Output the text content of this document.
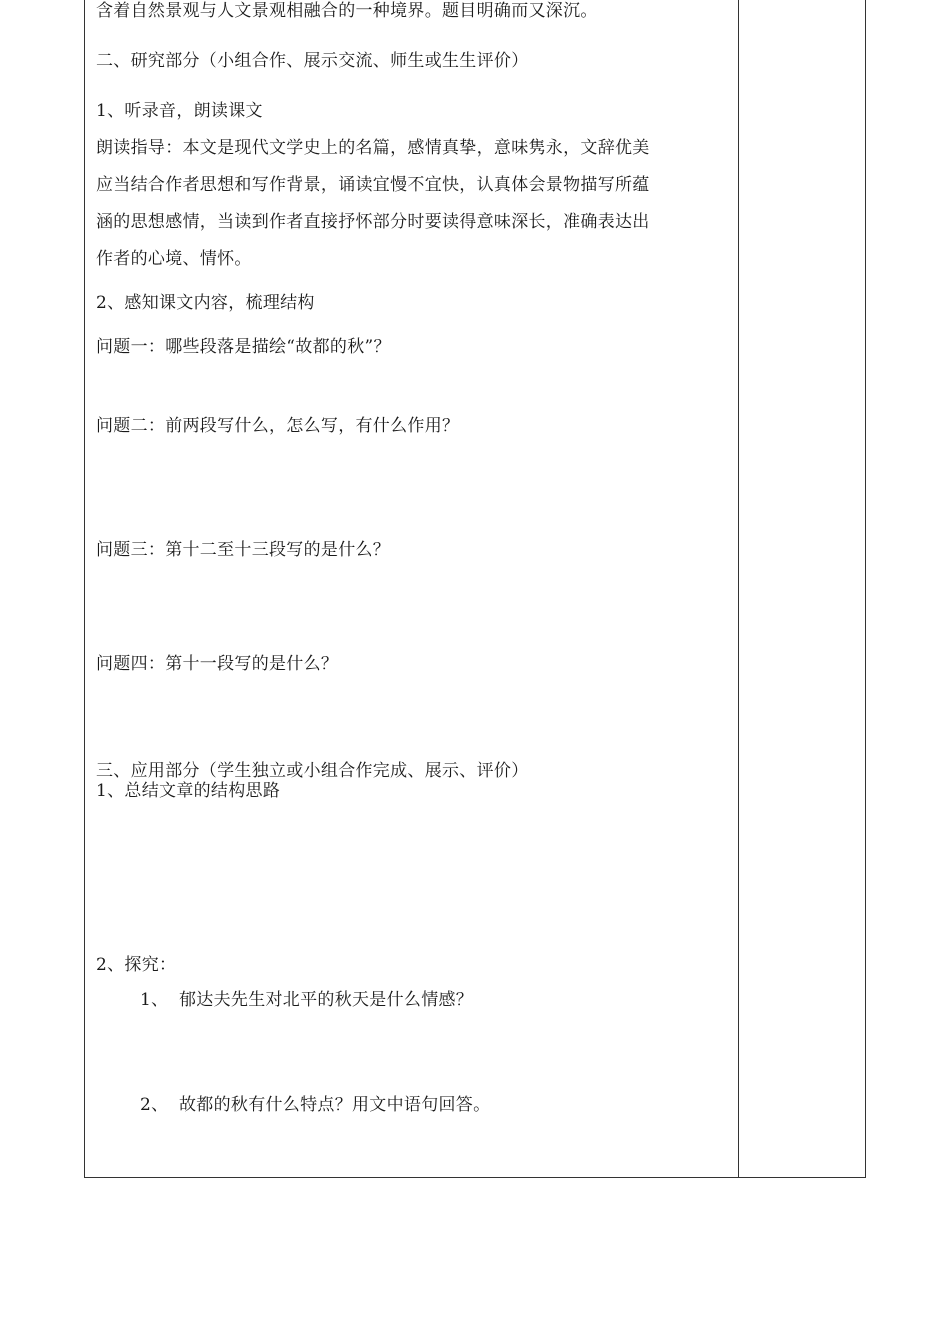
含着自然景观与人文景观相融合的一种境界。题目明确而又深沉。
二、研究部分（小组合作、展示交流、师生或生生评价）
1、听录音，朗读课文
朗读指导：本文是现代文学史上的名篇，感情真挚，意味隽永，文辞优美
应当结合作者思想和写作背景，诵读宜慢不宜快，认真体会景物描写所蕴
涵的思想感情，当读到作者直接抒怀部分时要读得意味深长，准确表达出
作者的心境、情怀。
2、感知课文内容，梳理结构
问题一：哪些段落是描绘“故都的秋”？
问题二：前两段写什么，怎么写，有什么作用？
问题三：第十二至十三段写的是什么？
问题四：第十一段写的是什么？
三、应用部分（学生独立或小组合作完成、展示、评价）
1、总结文章的结构思路
2、探究：
1、 郁达夫先生对北平的秋天是什么情感？
2、 故都的秋有什么特点？用文中语句回答。
